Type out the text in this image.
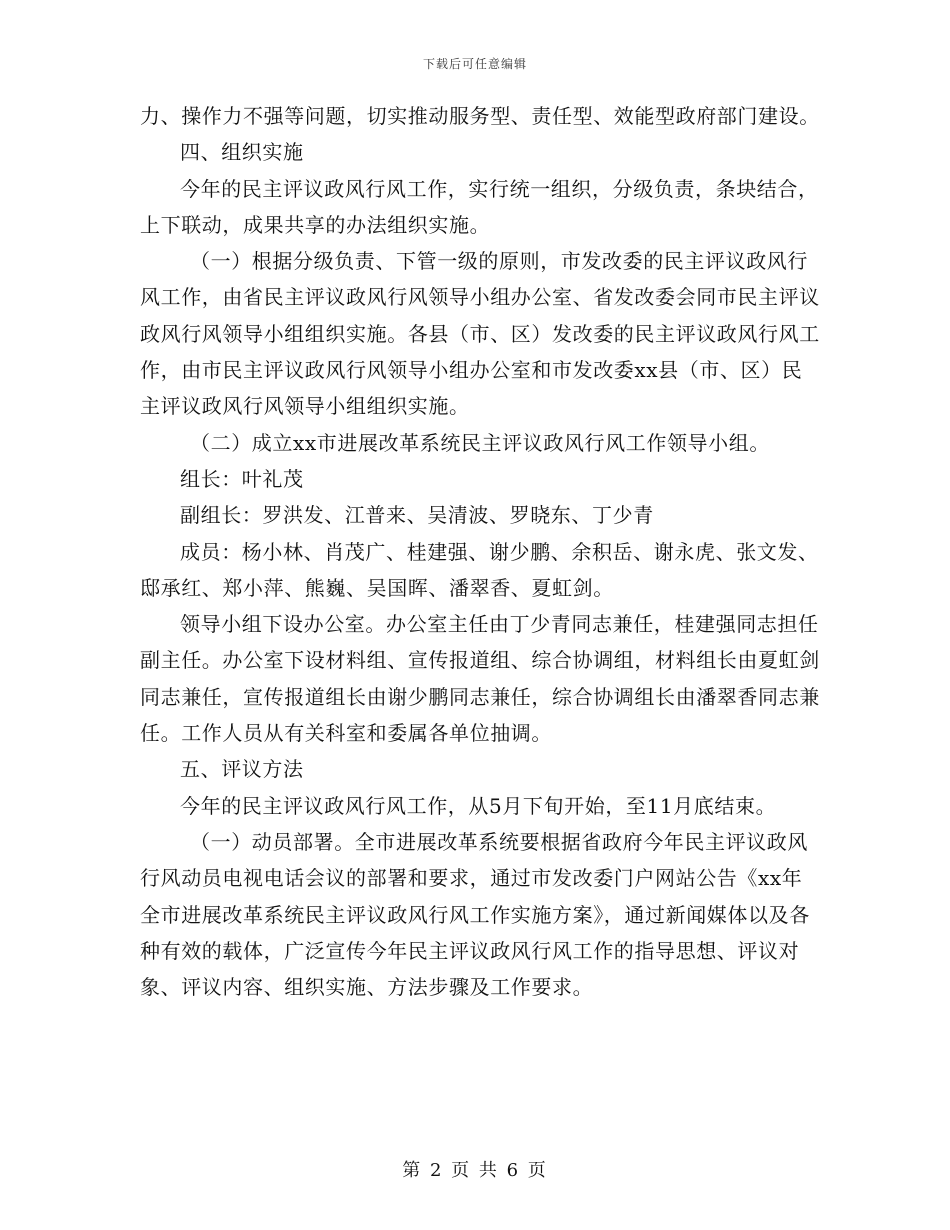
下载后可任意编辑

力、操作力不强等问题，切实推动服务型、责任型、效能型政府部门建设。

四、组织实施

今年的民主评议政风行风工作，实行统一组织，分级负责，条块结合，上下联动，成果共享的办法组织实施。

（一）根据分级负责、下管一级的原则，市发改委的民主评议政风行风工作，由省民主评议政风行风领导小组办公室、省发改委会同市民主评议政风行风领导小组组织实施。各县（市、区）发改委的民主评议政风行风工作，由市民主评议政风行风领导小组办公室和市发改委xx县（市、区）民主评议政风行风领导小组组织实施。

（二）成立xx市进展改革系统民主评议政风行风工作领导小组。

组长：叶礼茂

副组长：罗洪发、江普来、吴清波、罗晓东、丁少青

成员：杨小林、肖茂广、桂建强、谢少鹏、余积岳、谢永虎、张文发、邸承红、郑小萍、熊巍、吴国晖、潘翠香、夏虹剑。

领导小组下设办公室。办公室主任由丁少青同志兼任，桂建强同志担任副主任。办公室下设材料组、宣传报道组、综合协调组，材料组长由夏虹剑同志兼任，宣传报道组长由谢少鹏同志兼任，综合协调组长由潘翠香同志兼任。工作人员从有关科室和委属各单位抽调。

五、评议方法

今年的民主评议政风行风工作，从5月下旬开始，至11月底结束。

（一）动员部署。全市进展改革系统要根据省政府今年民主评议政风行风动员电视电话会议的部署和要求，通过市发改委门户网站公告《xx年全市进展改革系统民主评议政风行风工作实施方案》，通过新闻媒体以及各种有效的载体，广泛宣传今年民主评议政风行风工作的指导思想、评议对象、评议内容、组织实施、方法步骤及工作要求。

第 2 页 共 6 页
